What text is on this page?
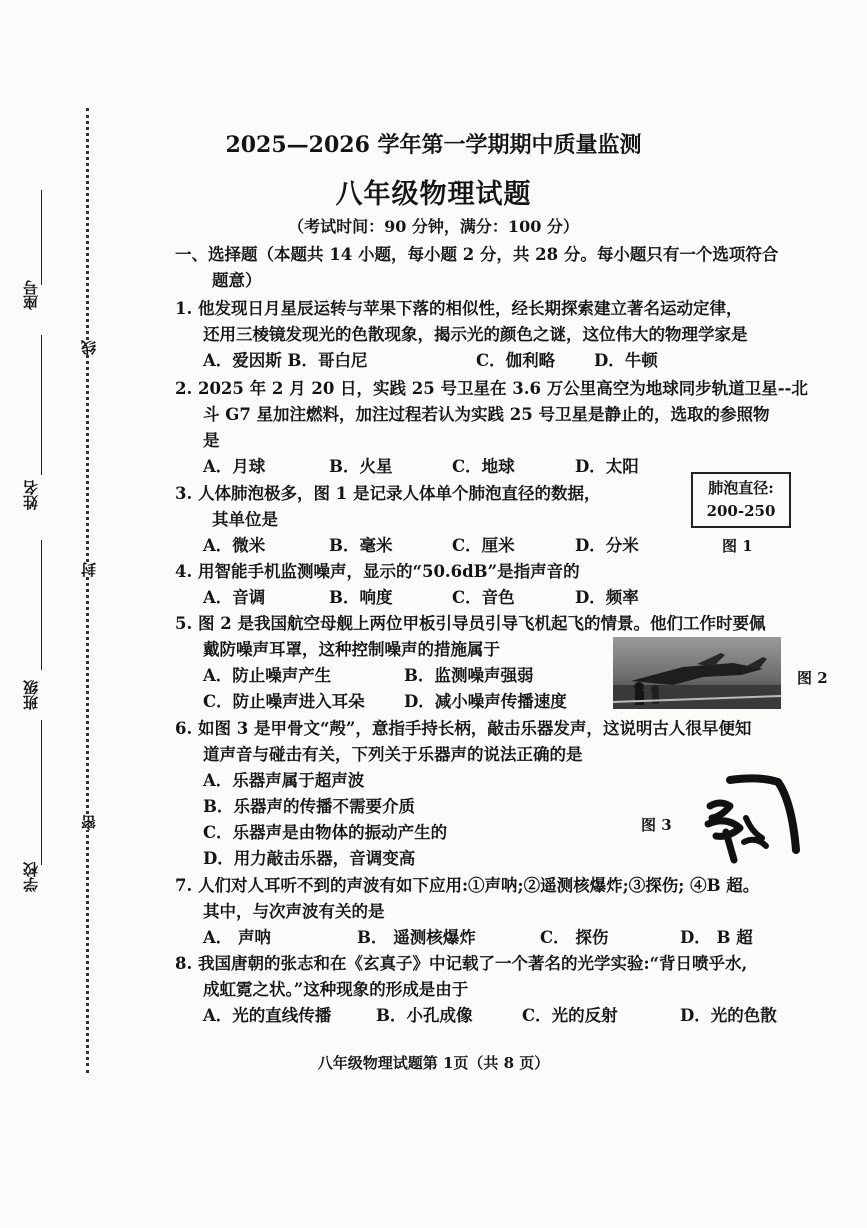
座号
姓名
班级
学校
线
封
密
2025—2026 学年第一学期期中质量监测
八年级物理试题
（考试时间：90 分钟，满分：100 分）
一、选择题（本题共 14 小题，每小题 2 分，共 28 分。每小题只有一个选项符合
题意）
1. 他发现日月星辰运转与苹果下落的相似性，经长期探索建立著名运动定律，
还用三棱镜发现光的色散现象，揭示光的颜色之谜，这位伟大的物理学家是
A．爱因斯 B．哥白尼	C．伽利略 D．牛顿
2. 2025 年 2 月 20 日，实践 25 号卫星在 3.6 万公里高空为地球同步轨道卫星--北
斗 G7 星加注燃料，加注过程若认为实践 25 号卫星是静止的，选取的参照物
是
A．月球	B．火星	C．地球	D．太阳
3. 人体肺泡极多，图 1 是记录人体单个肺泡直径的数据，
其单位是
A．微米	B．毫米	C．厘米	D．分米
肺泡直径:
200-250
图 1
4. 用智能手机监测噪声，显示的“50.6dB”是指声音的
A．音调	B．响度	C．音色	D．频率
5. 图 2 是我国航空母舰上两位甲板引导员引导飞机起飞的情景。他们工作时要佩
戴防噪声耳罩，这种控制噪声的措施属于
A．防止噪声产生	B．监测噪声强弱
C．防止噪声进入耳朵 D．减小噪声传播速度
图 2
6. 如图 3 是甲骨文“殸”，意指手持长柄，敲击乐器发声，这说明古人很早便知
道声音与碰击有关，下列关于乐器声的说法正确的是
A．乐器声属于超声波
B．乐器声的传播不需要介质
C．乐器声是由物体的振动产生的
D．用力敲击乐器，音调变高
图 3
7. 人们对人耳听不到的声波有如下应用:①声呐;②遥测核爆炸;③探伤; ④B 超。
其中，与次声波有关的是
A． 声呐	B． 遥测核爆炸	C． 探伤	D． B 超
8. 我国唐朝的张志和在《玄真子》中记载了一个著名的光学实验:“背日喷乎水,
成虹霓之状。”这种现象的形成是由于
A．光的直线传播	B．小孔成像	C．光的反射	D．光的色散
八年级物理试题第 1页（共 8 页）
